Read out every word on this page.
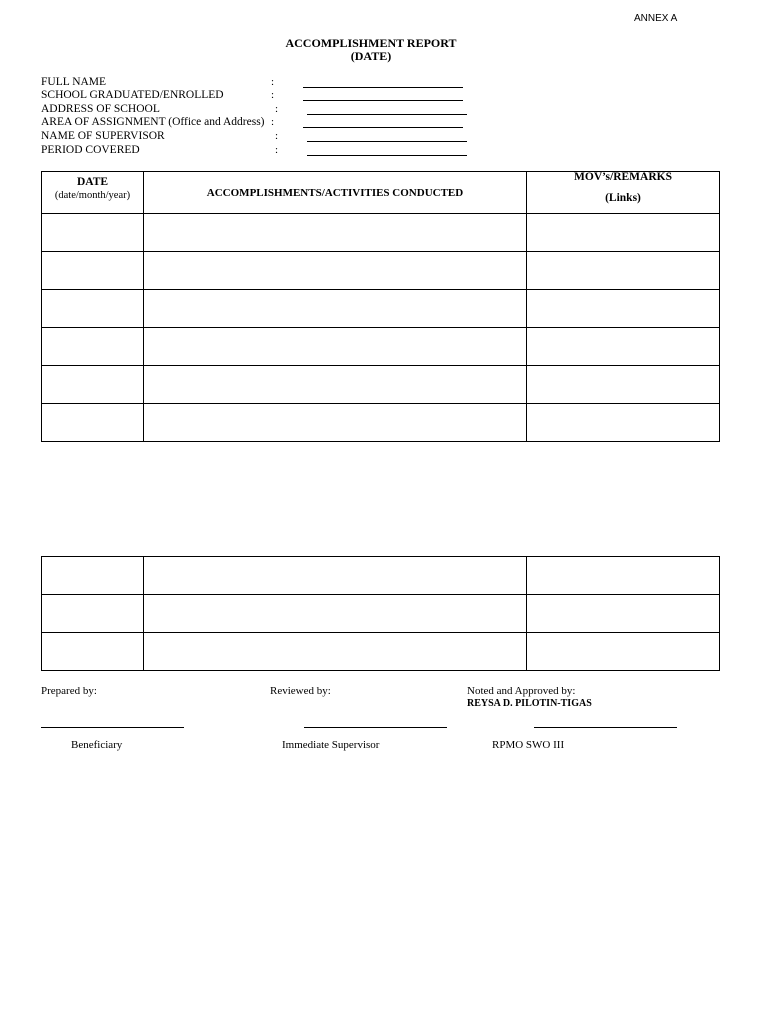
ANNEX A
ACCOMPLISHMENT REPORT
(DATE)
FULL NAME	:
SCHOOL GRADUATED/ENROLLED	:
ADDRESS OF SCHOOL	:
AREA OF ASSIGNMENT (Office and Address) :
NAME OF SUPERVISOR	:
PERIOD COVERED	:
DATE
(date/month/year)	ACCOMPLISHMENTS/ACTIVITIES CONDUCTED	MOV’s/REMARKS
(Links)

Prepared by:	Reviewed by:	Noted and Approved by:
REYSA D. PILOTIN-TIGAS
Beneficiary	Immediate Supervisor	RPMO SWO III
